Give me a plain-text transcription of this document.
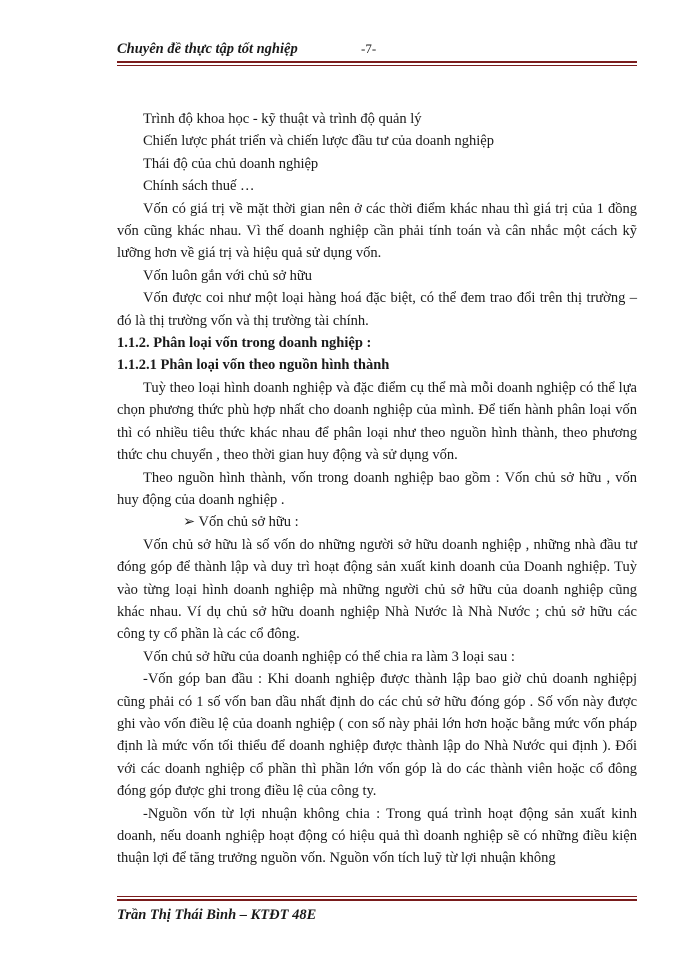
Chuyên đề thực tập tốt nghiệp	-7-

Trình độ khoa học - kỹ thuật và trình độ quản lý

Chiến lược phát triển và chiến lược đầu tư của doanh nghiệp

Thái độ của chủ doanh nghiệp

Chính sách thuế …

Vốn có giá trị về mặt thời gian nên ở các thời điểm khác nhau thì giá trị của 1 đồng vốn cũng khác nhau. Vì thế doanh nghiệp cần phải tính toán và cân nhắc một cách kỹ lưỡng hơn về giá trị và hiệu quả sử dụng vốn.

Vốn luôn gắn với chủ sở hữu

Vốn được coi như một loại hàng hoá đặc biệt, có thể đem trao đổi trên thị trường – đó là thị trường vốn và thị trường tài chính.

1.1.2. Phân loại vốn trong doanh nghiệp :

1.1.2.1 Phân loại vốn theo nguồn hình thành

Tuỳ theo loại hình doanh nghiệp và đặc điểm cụ thể mà mỗi doanh nghiệp có thể lựa chọn phương thức phù hợp nhất cho doanh nghiệp của mình. Để tiến hành phân loại vốn thì có nhiều tiêu thức khác nhau để phân loại như theo nguồn hình thành, theo phương thức chu chuyển , theo thời gian huy động và sử dụng vốn.

Theo nguồn hình thành, vốn trong doanh nghiệp bao gồm : Vốn chủ sở hữu , vốn huy động của doanh nghiệp .

➢ Vốn chủ sở hữu :

Vốn chủ sở hữu là số vốn do những người sở hữu doanh nghiệp , những nhà đầu tư đóng góp để thành lập và duy trì hoạt động sản xuất kinh doanh của Doanh nghiệp. Tuỳ vào từng loại hình doanh nghiệp mà những người chủ sở hữu của doanh nghiệp cũng khác nhau. Ví dụ chủ sở hữu doanh nghiệp Nhà Nước là Nhà Nước ; chủ sở hữu các công ty cổ phần là các cổ đông.

Vốn chủ sở hữu của doanh nghiệp có thể chia ra làm 3 loại sau :

-Vốn góp ban đầu : Khi doanh nghiệp được thành lập bao giờ chủ doanh nghiệpj cũng phải có 1 số vốn ban dầu nhất định do các chủ sở hữu đóng góp . Số vốn này được ghi vào vốn điều lệ của doanh nghiệp ( con số này phải lớn hơn hoặc bằng mức vốn pháp định là mức vốn tối thiểu để doanh nghiệp được thành lập do Nhà Nước qui định ). Đối với các doanh nghiệp cổ phần thì phần lớn vốn góp là do các thành viên hoặc cổ đông đóng góp được ghi trong điều lệ của công ty.

-Nguồn vốn từ lợi nhuận không chia : Trong quá trình hoạt động sản xuất kinh doanh, nếu doanh nghiệp hoạt động có hiệu quả thì doanh nghiệp sẽ có những điều kiện thuận lợi để tăng trưởng nguồn vốn. Nguồn vốn tích luỹ từ lợi nhuận không

Trần Thị Thái Bình – KTĐT 48E
